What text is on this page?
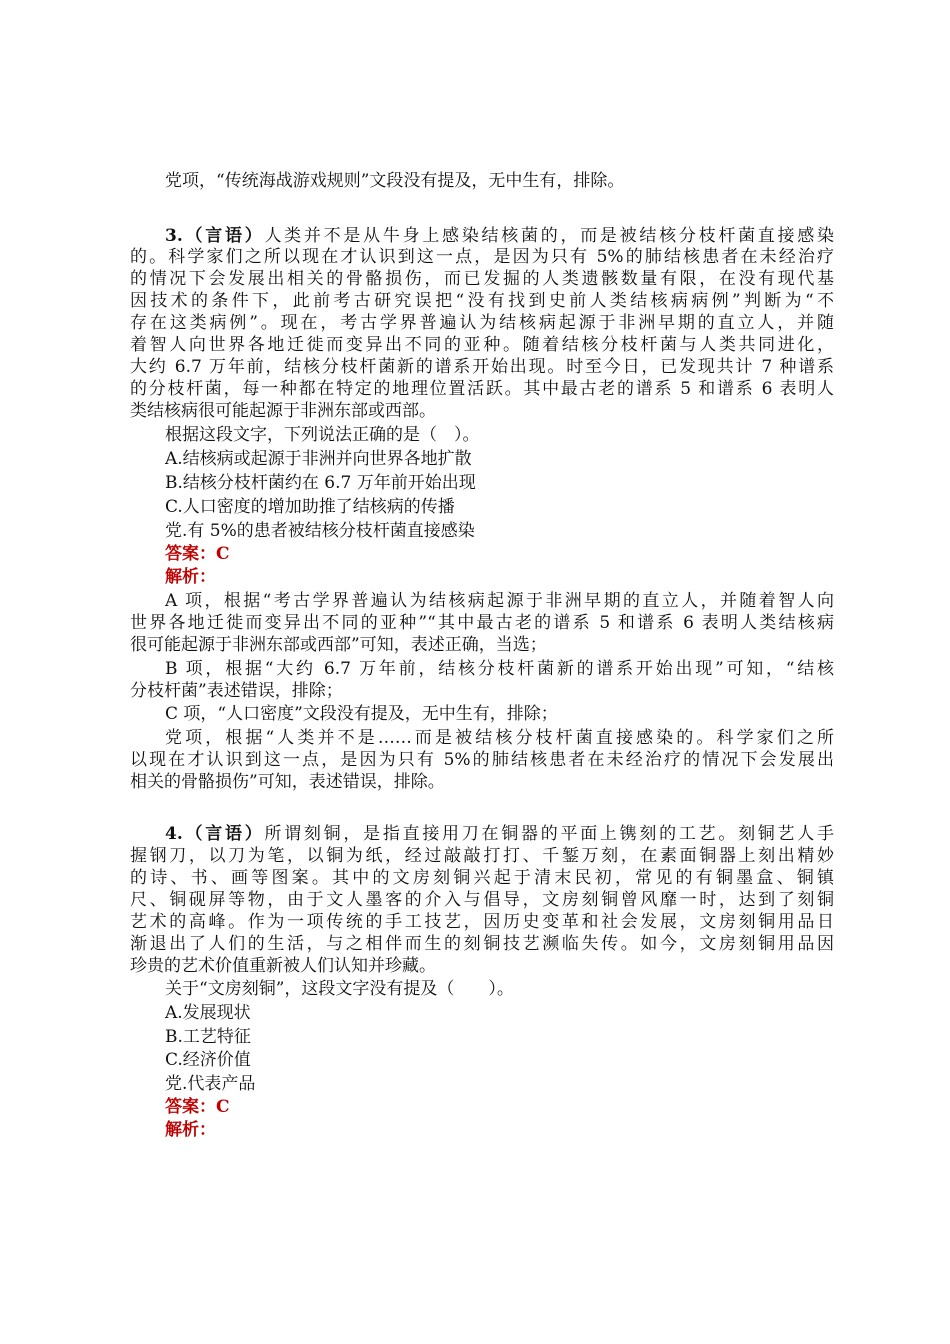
党项，“传统海战游戏规则”文段没有提及，无中生有，排除。
3.（言语）人类并不是从牛身上感染结核菌的，而是被结核分枝杆菌直接感染
的。科学家们之所以现在才认识到这一点，是因为只有 5%的肺结核患者在未经治疗
的情况下会发展出相关的骨骼损伤，而已发掘的人类遗骸数量有限，在没有现代基
因技术的条件下，此前考古研究误把“没有找到史前人类结核病病例”判断为“不
存在这类病例”。现在，考古学界普遍认为结核病起源于非洲早期的直立人，并随
着智人向世界各地迁徙而变异出不同的亚种。随着结核分枝杆菌与人类共同进化，
大约 6.7 万年前，结核分枝杆菌新的谱系开始出现。时至今日，已发现共计 7 种谱系
的分枝杆菌，每一种都在特定的地理位置活跃。其中最古老的谱系 5 和谱系 6 表明人
类结核病很可能起源于非洲东部或西部。
根据这段文字，下列说法正确的是（　）。
A.结核病或起源于非洲并向世界各地扩散
B.结核分枝杆菌约在 6.7 万年前开始出现
C.人口密度的增加助推了结核病的传播
党.有 5%的患者被结核分枝杆菌直接感染
答案：C
解析：
A 项，根据“考古学界普遍认为结核病起源于非洲早期的直立人，并随着智人向
世界各地迁徙而变异出不同的亚种”“其中最古老的谱系 5 和谱系 6 表明人类结核病
很可能起源于非洲东部或西部”可知，表述正确，当选；
B 项，根据“大约 6.7 万年前，结核分枝杆菌新的谱系开始出现”可知，“结核
分枝杆菌”表述错误，排除；
C 项，“人口密度”文段没有提及，无中生有，排除；
党项，根据“人类并不是……而是被结核分枝杆菌直接感染的。科学家们之所
以现在才认识到这一点，是因为只有 5%的肺结核患者在未经治疗的情况下会发展出
相关的骨骼损伤”可知，表述错误，排除。
4.（言语）所谓刻铜，是指直接用刀在铜器的平面上镌刻的工艺。刻铜艺人手
握钢刀，以刀为笔，以铜为纸，经过敲敲打打、千錾万刻，在素面铜器上刻出精妙
的诗、书、画等图案。其中的文房刻铜兴起于清末民初，常见的有铜墨盒、铜镇
尺、铜砚屏等物，由于文人墨客的介入与倡导，文房刻铜曾风靡一时，达到了刻铜
艺术的高峰。作为一项传统的手工技艺，因历史变革和社会发展，文房刻铜用品日
渐退出了人们的生活，与之相伴而生的刻铜技艺濒临失传。如今，文房刻铜用品因
珍贵的艺术价值重新被人们认知并珍藏。
关于“文房刻铜”，这段文字没有提及（　　）。
A.发展现状
B.工艺特征
C.经济价值
党.代表产品
答案：C
解析：
